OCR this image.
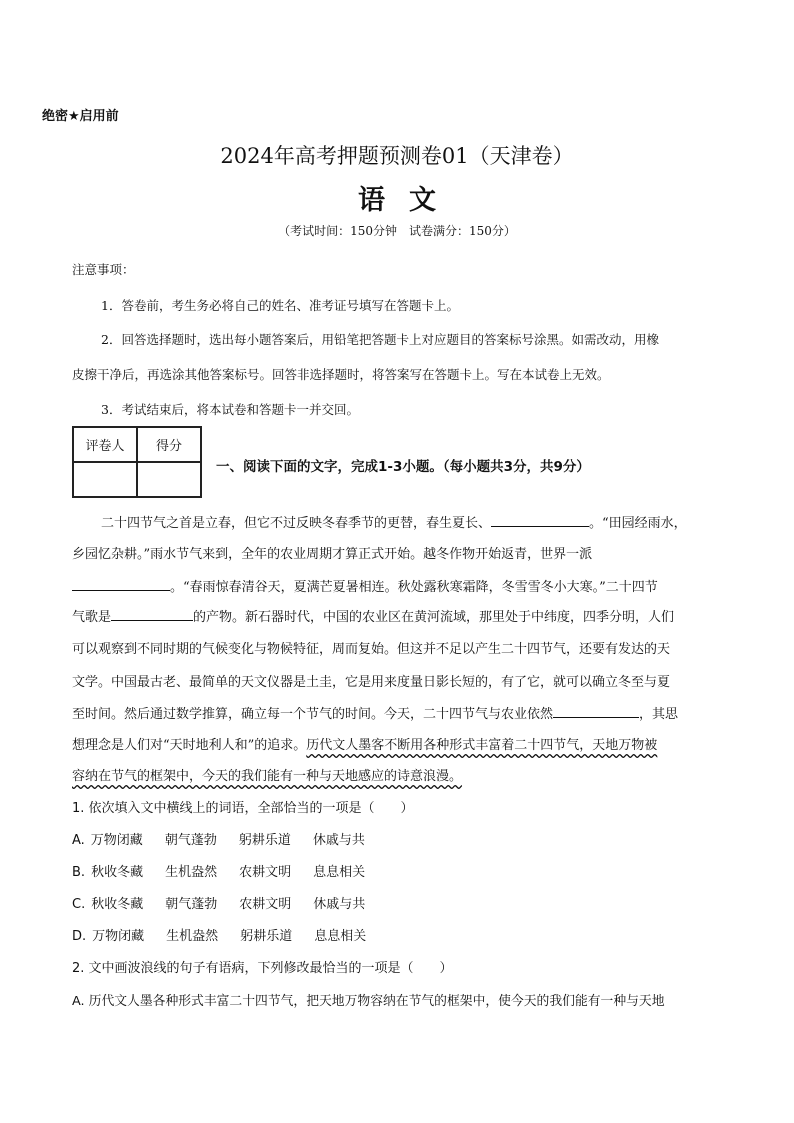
绝密★启用前
2024年高考押题预测卷01（天津卷）
语文
（考试时间：150分钟　试卷满分：150分）
注意事项：
1．答卷前，考生务必将自己的姓名、准考证号填写在答题卡上。
2．回答选择题时，选出每小题答案后，用铅笔把答题卡上对应题目的答案标号涂黑。如需改动，用橡
皮擦干净后，再选涂其他答案标号。回答非选择题时，将答案写在答题卡上。写在本试卷上无效。
3．考试结束后，将本试卷和答题卡一并交回。
评卷人	得分

一、阅读下面的文字，完成1-3小题。（每小题共3分，共9分）
二十四节气之首是立春，但它不过反映冬春季节的更替，春生夏长、	。“田园经雨水，
乡园忆杂耕。”雨水节气来到，全年的农业周期才算正式开始。越冬作物开始返青，世界一派
。“春雨惊春清谷天，夏满芒夏暑相连。秋处露秋寒霜降，冬雪雪冬小大寒。”二十四节
气歌是	的产物。新石器时代，中国的农业区在黄河流域，那里处于中纬度，四季分明，人们
可以观察到不同时期的气候变化与物候特征，周而复始。但这并不足以产生二十四节气，还要有发达的天
文学。中国最古老、最简单的天文仪器是土圭，它是用来度量日影长短的，有了它，就可以确立冬至与夏
至时间。然后通过数学推算，确立每一个节气的时间。今天，二十四节气与农业依然	，其思
想理念是人们对“天时地利人和”的追求。历代文人墨客不断用各种形式丰富着二十四节气，天地万物被
容纳在节气的框架中，今天的我们能有一种与天地感应的诗意浪漫。
1. 依次填入文中横线上的词语，全部恰当的一项是（　　）
A. 万物闭藏 朝气蓬勃 躬耕乐道 休戚与共
B. 秋收冬藏 生机盎然 农耕文明 息息相关
C. 秋收冬藏 朝气蓬勃 农耕文明 休戚与共
D. 万物闭藏 生机盎然 躬耕乐道 息息相关
2. 文中画波浪线的句子有语病，下列修改最恰当的一项是（　　）
A. 历代文人墨各种形式丰富二十四节气，把天地万物容纳在节气的框架中，使今天的我们能有一种与天地
